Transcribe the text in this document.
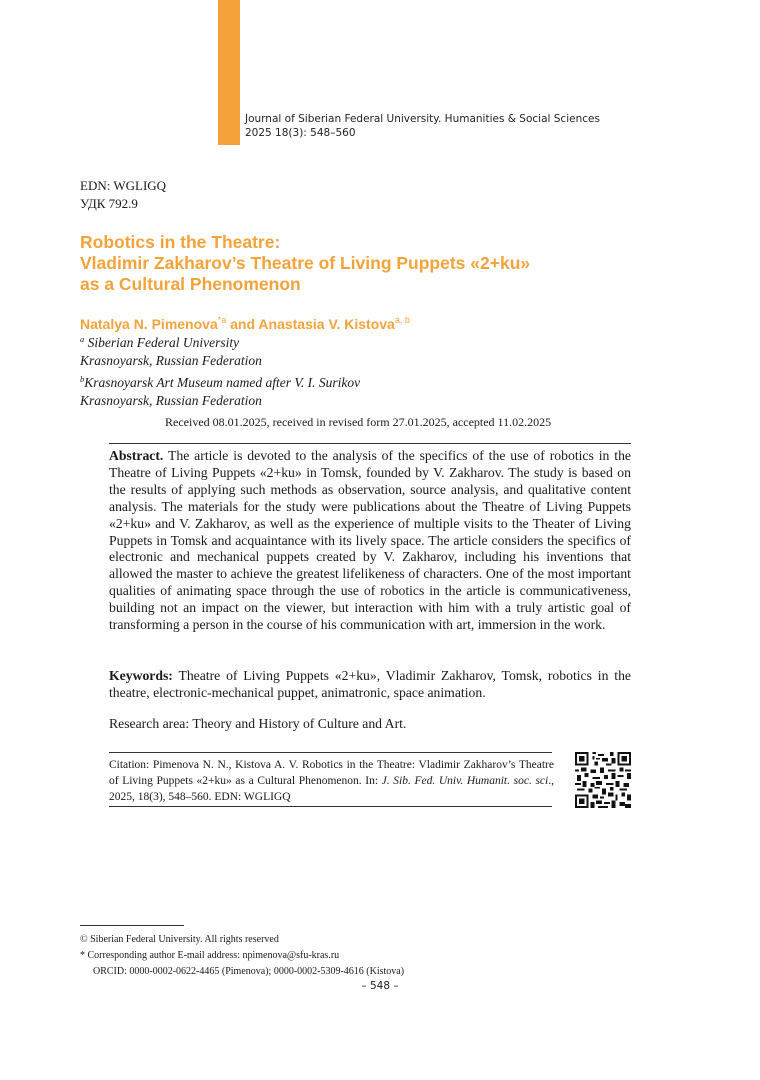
Journal of Siberian Federal University. Humanities & Social Sciences
2025 18(3): 548–560
EDN: WGLIGQ
УДК 792.9
Robotics in the Theatre:
Vladimir Zakharov’s Theatre of Living Puppets «2+ku»
as a Cultural Phenomenon
Natalya N. Pimenova$^{*a}$ and Anastasia V. Kistova$^{a, b}$
$^a$ Siberian Federal University
Krasnoyarsk, Russian Federation
$^b$Krasnoyarsk Art Museum named after V. I. Surikov
Krasnoyarsk, Russian Federation
Received 08.01.2025, received in revised form 27.01.2025, accepted 11.02.2025
Abstract. The article is devoted to the analysis of the specifics of the use of robotics in the Theatre of Living Puppets «2+ku» in Tomsk, founded by V. Zakharov. The study is based on the results of applying such methods as observation, source analysis, and qualitative content analysis. The materials for the study were publications about the Theatre of Living Puppets «2+ku» and V. Zakharov, as well as the experience of multiple visits to the Theater of Living Puppets in Tomsk and acquaintance with its lively space. The article considers the specifics of electronic and mechanical puppets created by V. Zakharov, including his inventions that allowed the master to achieve the greatest lifelikeness of characters. One of the most important qualities of animating space through the use of robotics in the article is communicativeness, building not an impact on the viewer, but interaction with him with a truly artistic goal of transforming a person in the course of his communication with art, immersion in the work.
Keywords: Theatre of Living Puppets «2+ku», Vladimir Zakharov, Tomsk, robotics in the theatre, electronic-mechanical puppet, animatronic, space animation.
Research area: Theory and History of Culture and Art.
Citation: Pimenova N. N., Kistova A. V. Robotics in the Theatre: Vladimir Zakharov’s Theatre of Living Puppets «2+ku» as a Cultural Phenomenon. In: J. Sib. Fed. Univ. Humanit. soc. sci., 2025, 18(3), 548–560. EDN: WGLIGQ
© Siberian Federal University. All rights reserved
* Corresponding author E-mail address: npimenova@sfu-kras.ru
ORCID: 0000-0002-0622-4465 (Pimenova); 0000-0002-5309-4616 (Kistova)
– 548 –
